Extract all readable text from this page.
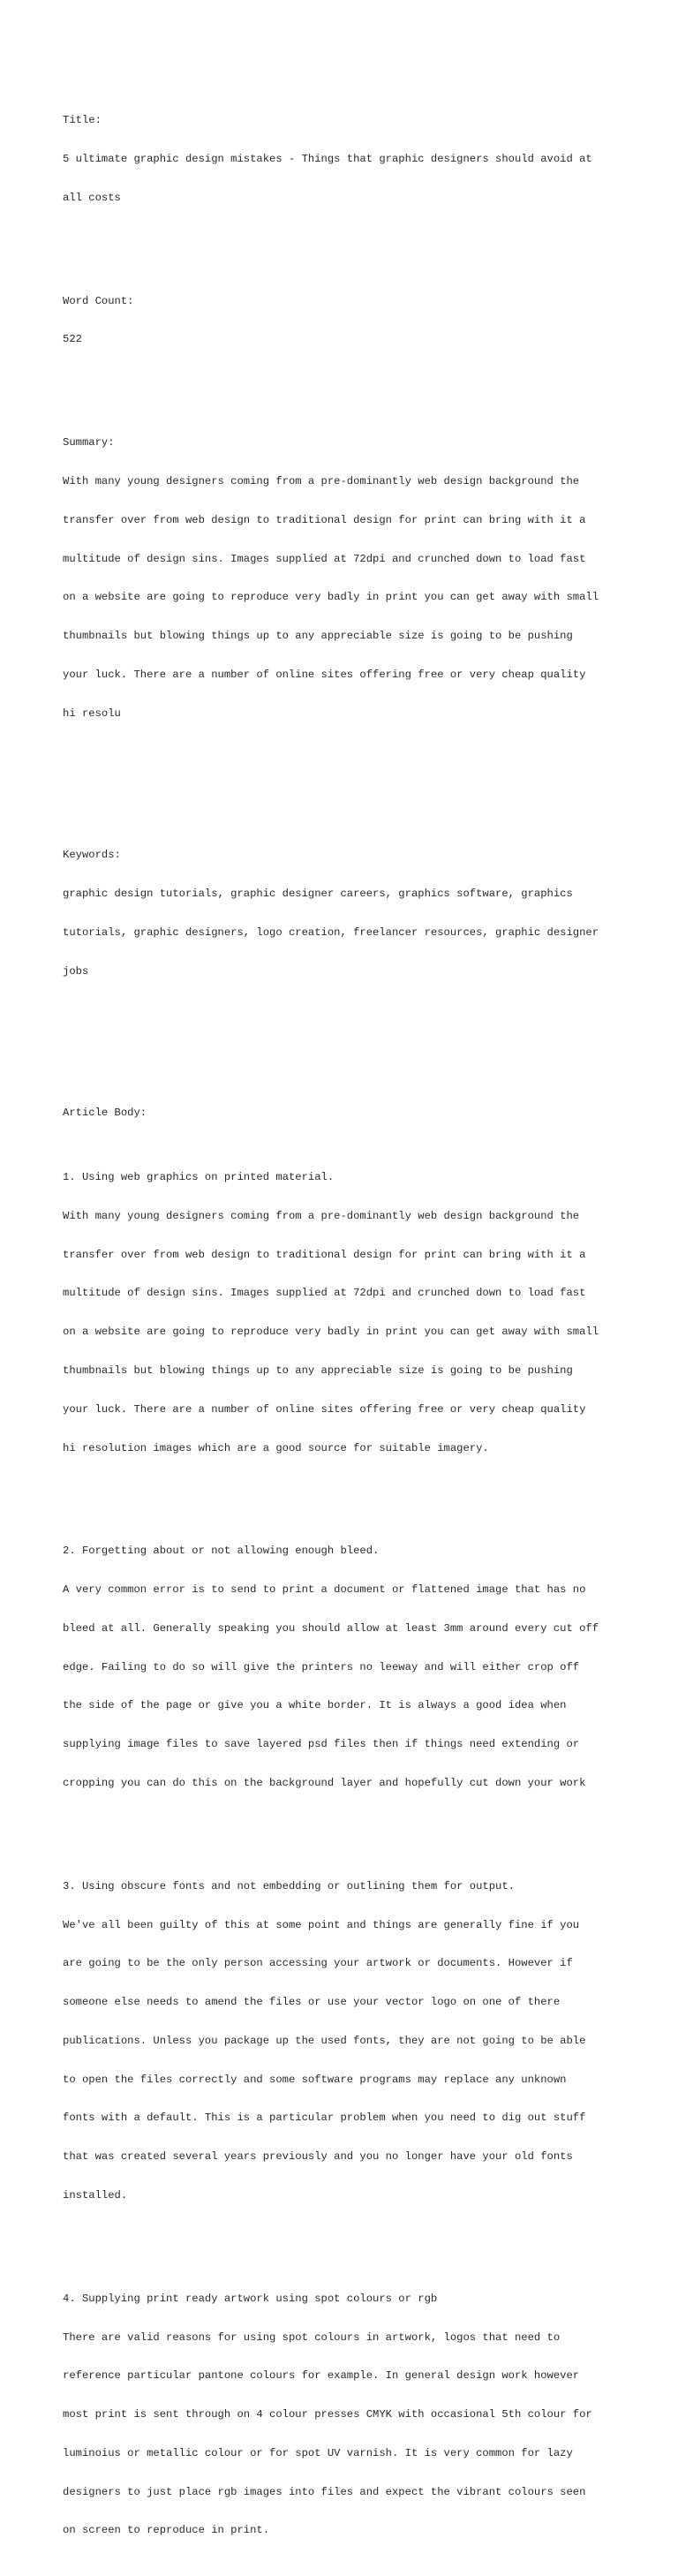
Title:

5 ultimate graphic design mistakes - Things that graphic designers should avoid at

all costs

Word Count:

522

Summary:

With many young designers coming from a pre-dominantly web design background the

transfer over from web design to traditional design for print can bring with it a

multitude of design sins. Images supplied at 72dpi and crunched down to load fast

on a website are going to reproduce very badly in print you can get away with small

thumbnails but blowing things up to any appreciable size is going to be pushing

your luck. There are a number of online sites offering free or very cheap quality

hi resolu

Keywords:

graphic design tutorials, graphic designer careers, graphics software, graphics

tutorials, graphic designers, logo creation, freelancer resources, graphic designer

jobs

Article Body:

1. Using web graphics on printed material.

With many young designers coming from a pre-dominantly web design background the

transfer over from web design to traditional design for print can bring with it a

multitude of design sins. Images supplied at 72dpi and crunched down to load fast

on a website are going to reproduce very badly in print you can get away with small

thumbnails but blowing things up to any appreciable size is going to be pushing

your luck. There are a number of online sites offering free or very cheap quality

hi resolution images which are a good source for suitable imagery.

2. Forgetting about or not allowing enough bleed.

A very common error is to send to print a document or flattened image that has no

bleed at all. Generally speaking you should allow at least 3mm around every cut off

edge. Failing to do so will give the printers no leeway and will either crop off

the side of the page or give you a white border. It is always a good idea when

supplying image files to save layered psd files then if things need extending or

cropping you can do this on the background layer and hopefully cut down your work

3. Using obscure fonts and not embedding or outlining them for output.

We've all been guilty of this at some point and things are generally fine if you

are going to be the only person accessing your artwork or documents. However if

someone else needs to amend the files or use your vector logo on one of there

publications. Unless you package up the used fonts, they are not going to be able

to open the files correctly and some software programs may replace any unknown

fonts with a default. This is a particular problem when you need to dig out stuff

that was created several years previously and you no longer have your old fonts

installed.

4. Supplying print ready artwork using spot colours or rgb

There are valid reasons for using spot colours in artwork, logos that need to

reference particular pantone colours for example. In general design work however

most print is sent through on 4 colour presses CMYK with occasional 5th colour for

luminoius or metallic colour or for spot UV varnish. It is very common for lazy

designers to just place rgb images into files and expect the vibrant colours seen

on screen to reproduce in print.
